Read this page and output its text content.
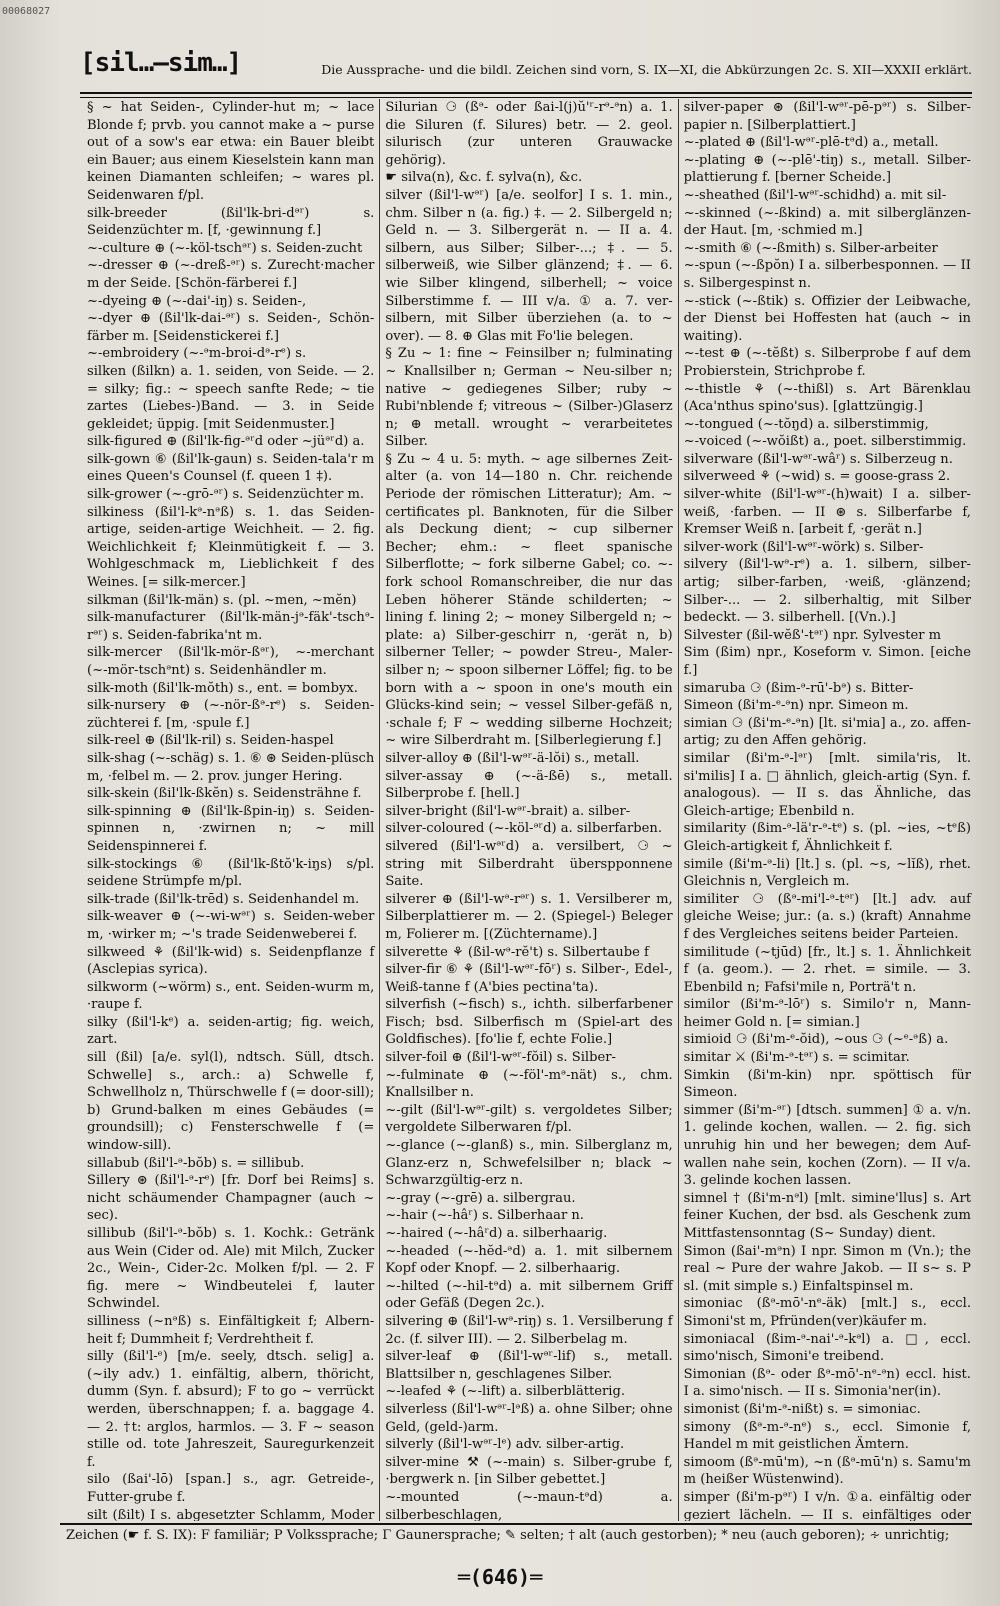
00068027
[sil…—sim…]	Die Aussprache- und die bildl. Zeichen sind vorn, S. IX—XI, die Abkürzungen 2c. S. XII—XXXII erklärt.

§ ~ hat Seiden-, Cylinder-hut m; ~ lace Blonde f; prvb. you cannot make a ~ purse out of a sow's ear etwa: ein Bauer bleibt ein Bauer; aus einem Kieselstein kann man keinen Diamanten schleifen; ~ wares pl. Seidenwaren f/pl.

silk-breeder (ßil'lk-bri-dᵊʳ) s. Seidenzüchter m. [f, ·gewinnung f.]

~-culture ⊕ (~-köl-tschᵊʳ) s. Seiden-zucht

~-dresser ⊕ (~-dreß-ᵊʳ) s. Zurecht·macher m der Seide. [Schön-färberei f.]

~-dyeing ⊕ (~-dai'-iŋ) s. Seiden-,

~-dyer ⊕ (ßil'lk-dai-ᵊʳ) s. Seiden-, Schön-färber m. [Seidenstickerei f.]

~-embroidery (~-ᵊm-broi-dᵊ-rᵉ) s.

silken (ßilkn) a. 1. seiden, von Seide. — 2. = silky; fig.: ~ speech sanfte Rede; ~ tie zartes (Liebes-)Band. — 3. in Seide gekleidet; üppig. [mit Seidenmuster.]

silk-figured ⊕ (ßil'lk-fig-ᵊʳd oder ~jüᵊʳd) a.

silk-gown ⑥ (ßil'lk-gaun) s. Seiden-tala'r m eines Queen's Counsel (f. queen 1 ‡).

silk-grower (~-grō-ᵊʳ) s. Seidenzüchter m.

silkiness (ßil'l-kᵊ-nᵊß) s. 1. das Seiden-artige, seiden-artige Weichheit. — 2. fig. Weichlichkeit f; Kleinmütigkeit f. — 3. Wohlgeschmack m, Lieblichkeit f des Weines. [= silk-mercer.]

silkman (ßil'lk-män) s. (pl. ~men, ~mĕn)

silk-manufacturer (ßil'lk-män-jᵊ-fäk'-tschᵊ-rᵊʳ) s. Seiden-fabrika'nt m.

silk-mercer (ßil'lk-mör-ßᵊʳ), ~-merchant (~-mör-tschᵊnt) s. Seidenhändler m.

silk-moth (ßil'lk-mŏth) s., ent. = bombyx.

silk-nursery ⊕ (~-nör-ßᵊ-rᵉ) s. Seiden-züchterei f. [m, ·spule f.]

silk-reel ⊕ (ßil'lk-ril) s. Seiden-haspel

silk-shag (~-schäg) s. 1. ⑥ ⊛ Seiden-plüsch m, ·felbel m. — 2. prov. junger Hering.

silk-skein (ßil'lk-ßkĕn) s. Seidensträhne f.

silk-spinning ⊕ (ßil'lk-ßpin-iŋ) s. Seiden-spinnen n, ·zwirnen n; ~ mill Seidenspinnerei f.

silk-stockings ⑥ (ßil'lk-ßtŏ'k-iŋs) s/pl. seidene Strümpfe m/pl.

silk-trade (ßil'lk-trēd) s. Seidenhandel m.

silk-weaver ⊕ (~-wi-wᵊʳ) s. Seiden-weber m, ·wirker m; ~'s trade Seidenweberei f.

silkweed ⚘ (ßil'lk-wid) s. Seidenpflanze f (Asclepias syrica).

silkworm (~wörm) s., ent. Seiden-wurm m, ·raupe f.

silky (ßil'l-kᵉ) a. seiden-artig; fig. weich, zart.

sill (ßil) [a/e. syl(l), ndtsch. Süll, dtsch. Schwelle] s., arch.: a) Schwelle f, Schwellholz n, Thürschwelle f (= door-sill); b) Grund-balken m eines Gebäudes (= groundsill); c) Fensterschwelle f (= window-sill).

sillabub (ßil'l-ᵊ-bŏb) s. = sillibub.

Sillery ⊛ (ßil'l-ᵊ-rᵉ) [fr. Dorf bei Reims] s. nicht schäumender Champagner (auch ~ sec).

sillibub (ßil'l-ᵊ-bŏb) s. 1. Kochk.: Getränk aus Wein (Cider od. Ale) mit Milch, Zucker 2c., Wein-, Cider-2c. Molken f/pl. — 2. F fig. mere ~ Windbeutelei f, lauter Schwindel.

silliness (~nᵊß) s. Einfältigkeit f; Albern-heit f; Dummheit f; Verdrehtheit f.

silly (ßil'l-ᵉ) [m/e. seely, dtsch. selig] a. (~ily adv.) 1. einfältig, albern, thöricht, dumm (Syn. f. absurd); F to go ~ verrückt werden, überschnappen; f. a. baggage 4. — 2. †t: arglos, harmlos. — 3. F ~ season stille od. tote Jahreszeit, Sauregurkenzeit f.

silo (ßai'-lō) [span.] s., agr. Getreide-, Futter-grube f.

silt (ßilt) I s. abgesetzter Schlamm, Moder

Silurian ⚆ (ßᵊ- oder ßai-l(j)ŭ'ʳ-rᵊ-ᵊn) a. 1. die Siluren (f. Silures) betr. — 2. geol. silurisch (zur unteren Grauwacke gehörig).

☛ silva(n), &c. f. sylva(n), &c.

silver (ßil'l-wᵊʳ) [a/e. seolfor] I s. 1. min., chm. Silber n (a. fig.) ‡. — 2. Silbergeld n; Geld n. — 3. Silbergerät n. — II a. 4. silbern, aus Silber; Silber-...; ‡. — 5. silberweiß, wie Silber glänzend; ‡. — 6. wie Silber klingend, silberhell; ~ voice Silberstimme f. — III v/a. ① a. 7. ver-silbern, mit Silber überziehen (a. to ~ over). — 8. ⊕ Glas mit Fo'lie belegen.

§ Zu ~ 1: fine ~ Feinsilber n; fulminating ~ Knallsilber n; German ~ Neu-silber n; native ~ gediegenes Silber; ruby ~ Rubi'nblende f; vitreous ~ (Silber-)Glaserz n; ⊕ metall. wrought ~ verarbeitetes Silber.

§ Zu ~ 4 u. 5: myth. ~ age silbernes Zeit-alter (a. von 14—180 n. Chr. reichende Periode der römischen Litteratur); Am. ~ certificates pl. Banknoten, für die Silber als Deckung dient; ~ cup silberner Becher; ehm.: ~ fleet spanische Silberflotte; ~ fork silberne Gabel; co. ~-fork school Romanschreiber, die nur das Leben höherer Stände schilderten; ~ lining f. lining 2; ~ money Silbergeld n; ~ plate: a) Silber-geschirr n, ·gerät n, b) silberner Teller; ~ powder Streu-, Maler-silber n; ~ spoon silberner Löffel; fig. to be born with a ~ spoon in one's mouth ein Glücks-kind sein; ~ vessel Silber-gefäß n, ·schale f; F ~ wedding silberne Hochzeit; ~ wire Silberdraht m. [Silberlegierung f.]

silver-alloy ⊕ (ßil'l-wᵊʳ-ä-lŏi) s., metall.

silver-assay ⊕ (~-ä-ßē) s., metall. Silberprobe f. [hell.]

silver-bright (ßil'l-wᵊʳ-brait) a. silber-

silver-coloured (~-köl-ᵊʳd) a. silberfarben.

silvered (ßil'l-wᵊʳd) a. versilbert, ⚆ ~ string mit Silberdraht überspponnene Saite.

silverer ⊕ (ßil'l-wᵊ-rᵊʳ) s. 1. Versilberer m, Silberplattierer m. — 2. (Spiegel-) Beleger m, Folierer m. [(Züchtername).]

silverette ⚘ (ßil-wᵊ-rĕ't) s. Silbertaube f

silver-fir ⑥ ⚘ (ßil'l-wᵊʳ-fōʳ) s. Silber-, Edel-, Weiß-tanne f (A'bies pectina'ta).

silverfish (~fisch) s., ichth. silberfarbener Fisch; bsd. Silberfisch m (Spiel-art des Goldfisches). [fo'lie f, echte Folie.]

silver-foil ⊕ (ßil'l-wᵊʳ-fŏil) s. Silber-

~-fulminate ⊕ (~-föl'-mᵊ-nät) s., chm. Knallsilber n.

~-gilt (ßil'l-wᵊʳ-gilt) s. vergoldetes Silber; vergoldete Silberwaren f/pl.

~-glance (~-glanß) s., min. Silberglanz m, Glanz-erz n, Schwefelsilber n; black ~ Schwarzgültig-erz n.

~-gray (~-grē) a. silbergrau.

~-hair (~-hâʳ) s. Silberhaar n.

~-haired (~-hâʳd) a. silberhaarig.

~-headed (~-hĕd-ᵊd) a. 1. mit silbernem Kopf oder Knopf. — 2. silberhaarig.

~-hilted (~-hil-tᵊd) a. mit silbernem Griff oder Gefäß (Degen 2c.).

silvering ⊕ (ßil'l-wᵊ-riŋ) s. 1. Versilberung f 2c. (f. silver III). — 2. Silberbelag m.

silver-leaf ⊕ (ßil'l-wᵊʳ-lif) s., metall. Blattsilber n, geschlagenes Silber.

~-leafed ⚘ (~-lift) a. silberblätterig.

silverless (ßil'l-wᵊʳ-lᵊß) a. ohne Silber; ohne Geld, (geld-)arm.

silverly (ßil'l-wᵊʳ-lᵉ) adv. silber-artig.

silver-mine ⚒ (~-main) s. Silber-grube f, ·bergwerk n. [in Silber gebettet.]

~-mounted (~-maun-tᵊd) a. silberbeschlagen,

silver-paper ⊛ (ßil'l-wᵊʳ-pē-pᵊʳ) s. Silber-papier n. [Silberplattiert.]

~-plated ⊕ (ßil'l-wᵊʳ-plē-tᵊd) a., metall.

~-plating ⊕ (~-plē'-tiŋ) s., metall. Silber-plattierung f. [berner Scheide.]

~-sheathed (ßil'l-wᵊʳ-schidhd) a. mit sil-

~-skinned (~-ßkind) a. mit silberglänzen-der Haut. [m, ·schmied m.]

~-smith ⑥ (~-ßmith) s. Silber-arbeiter

~-spun (~-ßpŏn) I a. silberbesponnen. — II s. Silbergespinst n.

~-stick (~-ßtik) s. Offizier der Leibwache, der Dienst bei Hoffesten hat (auch ~ in waiting).

~-test ⊕ (~-tĕßt) s. Silberprobe f auf dem Probierstein, Strichprobe f.

~-thistle ⚘ (~-thißl) s. Art Bärenklau (Aca'nthus spino'sus). [glattzüngig.]

~-tongued (~-tŏŋd) a. silberstimmig,

~-voiced (~-wŏißt) a., poet. silberstimmig.

silverware (ßil'l-wᵊʳ-wâʳ) s. Silberzeug n.

silverweed ⚘ (~wid) s. = goose-grass 2.

silver-white (ßil'l-wᵊʳ-(h)wait) I a. silber-weiß, ·farben. — II ⊛ s. Silberfarbe f, Kremser Weiß n. [arbeit f, ·gerät n.]

silver-work (ßil'l-wᵊʳ-wörk) s. Silber-

silvery (ßil'l-wᵊ-rᵉ) a. 1. silbern, silber-artig; silber-farben, ·weiß, ·glänzend; Silber-... — 2. silberhaltig, mit Silber bedeckt. — 3. silberhell. [(Vn.).]

Silvester (ßil-wĕß'-tᵊʳ) npr. Sylvester m

Sim (ßim) npr., Koseform v. Simon. [eiche f.]

simaruba ⚆ (ßim-ᵊ-rū'-bᵊ) s. Bitter-

Simeon (ßi'm-ᵉ-ᵊn) npr. Simeon m.

simian ⚆ (ßi'm-ᵉ-ᵊn) [lt. si'mia] a., zo. affen-artig; zu den Affen gehörig.

similar (ßi'm-ᵊ-lᵊʳ) [mlt. simila'ris, lt. si'milis] I a. □ ähnlich, gleich-artig (Syn. f. analogous). — II s. das Ähnliche, das Gleich-artige; Ebenbild n.

similarity (ßim-ᵊ-lä'r-ᵊ-tᵉ) s. (pl. ~ies, ~tᵉß) Gleich-artigkeit f, Ähnlichkeit f.

simile (ßi'm-ᵊ-li) [lt.] s. (pl. ~s, ~lĭß), rhet. Gleichnis n, Vergleich m.

similiter ⚆ (ßᵊ-mi'l-ᵊ-tᵊʳ) [lt.] adv. auf gleiche Weise; jur.: (a. s.) (kraft) Annahme f des Vergleiches seitens beider Parteien.

similitude (~tjūd) [fr., lt.] s. 1. Ähnlichkeit f (a. geom.). — 2. rhet. = simile. — 3. Ebenbild n; Fafsi'mile n, Porträ't n.

similor (ßi'm-ᵊ-lōʳ) s. Similo'r n, Mann-heimer Gold n. [= simian.]

simioid ⚆ (ßi'm-ᵉ-ŏid), ~ous ⚆ (~ᵉ-ᵊß) a.

simitar ⚔ (ßi'm-ᵊ-tᵊʳ) s. = scimitar.

Simkin (ßi'm-kin) npr. spöttisch für Simeon.

simmer (ßi'm-ᵊʳ) [dtsch. summen] ① a. v/n. 1. gelinde kochen, wallen. — 2. fig. sich unruhig hin und her bewegen; dem Auf-wallen nahe sein, kochen (Zorn). — II v/a. 3. gelinde kochen lassen.

simnel † (ßi'm-nᵊl) [mlt. simine'llus] s. Art feiner Kuchen, der bsd. als Geschenk zum Mittfastensonntag (S~ Sunday) dient.

Simon (ßai'-mᵊn) I npr. Simon m (Vn.); the real ~ Pure der wahre Jakob. — II s~ s. P sl. (mit simple s.) Einfaltspinsel m.

simoniac (ßᵊ-mō'-nᵉ-äk) [mlt.] s., eccl. Simoni'st m, Pfründen(ver)käufer m.

simoniacal (ßim-ᵊ-nai'-ᵊ-kᵊl) a. □, eccl. simo'nisch, Simoni'e treibend.

Simonian (ßᵊ- oder ßᵊ-mō'-nᵉ-ᵊn) eccl. hist. I a. simo'nisch. — II s. Simonia'ner(in).

simonist (ßi'm-ᵊ-nißt) s. = simoniac.

simony (ßᵊ-m-ᵊ-nᵉ) s., eccl. Simonie f, Handel m mit geistlichen Ämtern.

simoom (ßᵊ-mū'm), ~n (ßᵊ-mū'n) s. Samu'm m (heißer Wüstenwind).

simper (ßi'm-pᵊʳ) I v/n. ①a. einfältig oder geziert lächeln. — II s. einfältiges oder

Zeichen (☛ f. S. IX): F familiär; P Volkssprache; Γ Gaunersprache; ✎ selten; † alt (auch gestorben); * neu (auch geboren); ∻ unrichtig;
═(646)═
